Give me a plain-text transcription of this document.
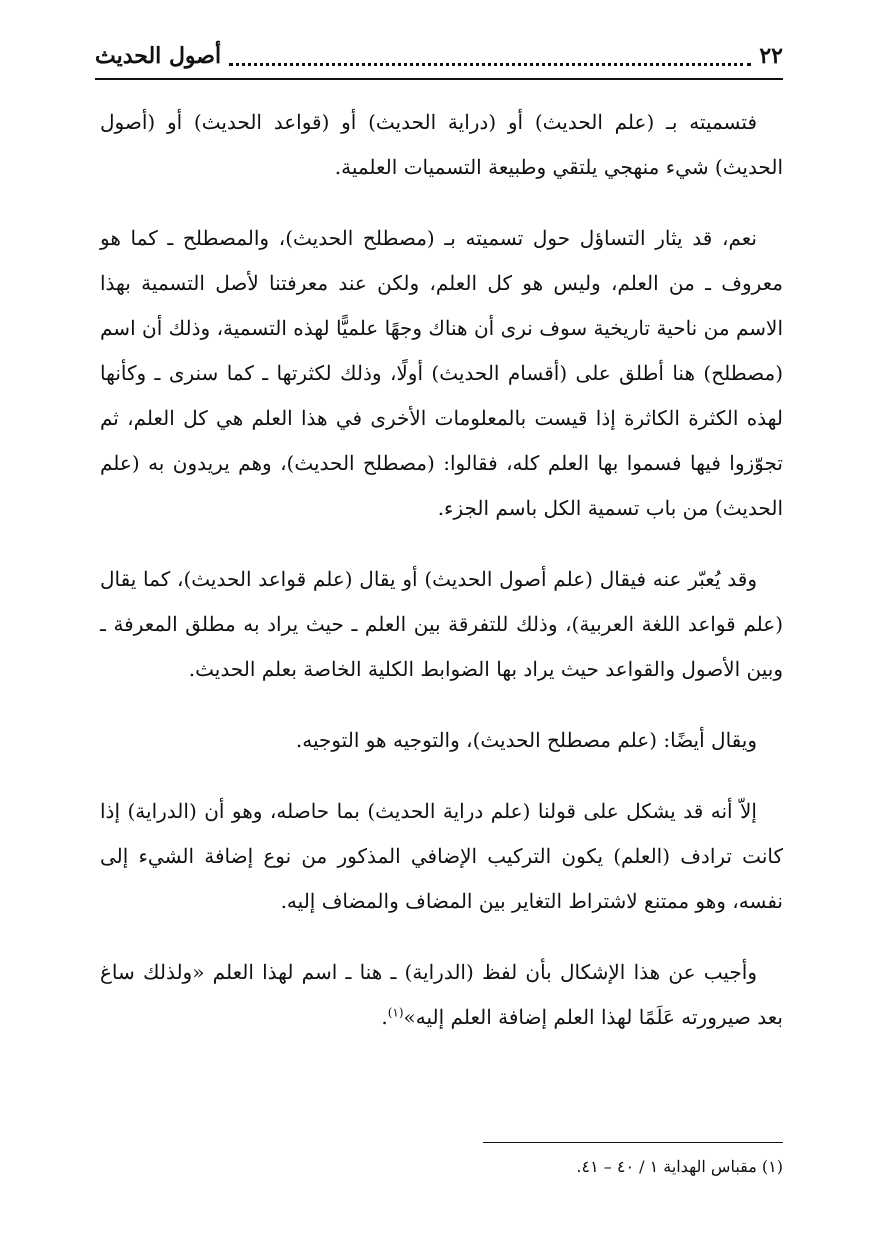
٢٢
أصول الحديث

فتسميته بـ (علم الحديث) أو (دراية الحديث) أو (قواعد الحديث) أو (أصول الحديث) شيء منهجي يلتقي وطبيعة التسميات العلمية.

نعم، قد يثار التساؤل حول تسميته بـ (مصطلح الحديث)، والمصطلح ـ كما هو معروف ـ من العلم، وليس هو كل العلم، ولكن عند معرفتنا لأصل التسمية بهذا الاسم من ناحية تاريخية سوف نرى أن هناك وجهًا علميًّا لهذه التسمية، وذلك أن اسم (مصطلح) هنا أطلق على (أقسام الحديث) أولًا، وذلك لكثرتها ـ كما سنرى ـ وكأنها لهذه الكثرة الكاثرة إذا قيست بالمعلومات الأخرى في هذا العلم هي كل العلم، ثم تجوّزوا فيها فسموا بها العلم كله، فقالوا: (مصطلح الحديث)، وهم يريدون به (علم الحديث) من باب تسمية الكل باسم الجزء.

وقد يُعبّر عنه فيقال (علم أصول الحديث) أو يقال (علم قواعد الحديث)، كما يقال (علم قواعد اللغة العربية)، وذلك للتفرقة بين العلم ـ حيث يراد به مطلق المعرفة ـ وبين الأصول والقواعد حيث يراد بها الضوابط الكلية الخاصة بعلم الحديث.

ويقال أيضًا: (علم مصطلح الحديث)، والتوجيه هو التوجيه.

إلاّ أنه قد يشكل على قولنا (علم دراية الحديث) بما حاصله، وهو أن (الدراية) إذا كانت ترادف (العلم) يكون التركيب الإضافي المذكور من نوع إضافة الشيء إلى نفسه، وهو ممتنع لاشتراط التغاير بين المضاف والمضاف إليه.

وأجيب عن هذا الإشكال بأن لفظ (الدراية) ـ هنا ـ اسم لهذا العلم «ولذلك ساغ بعد صيرورته عَلَمًا لهذا العلم إضافة العلم إليه»$^{(١)}$.

(١) مقباس الهداية ١ / ٤٠ – ٤١.
